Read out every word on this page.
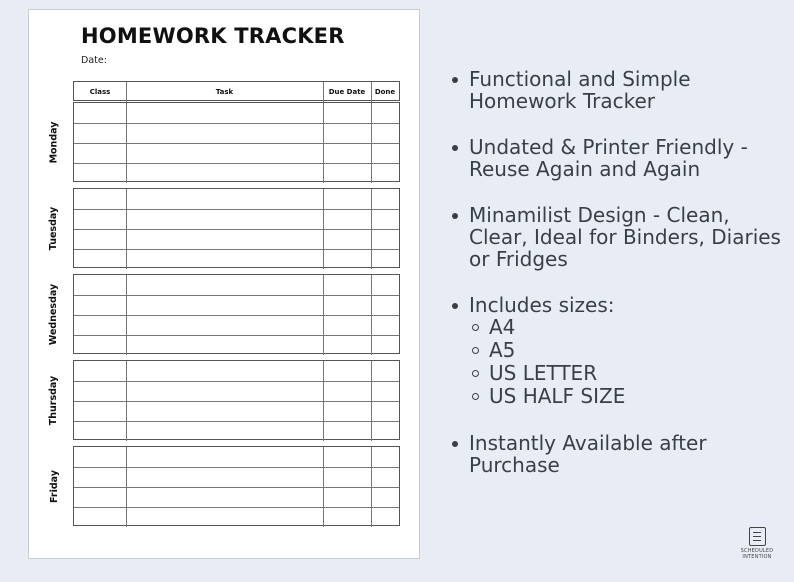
HOMEWORK TRACKER
Date:
Class	Task	Due Date	Done
Monday
Tuesday
Wednesday
Thursday
Friday
Functional and Simple Homework Tracker
Undated & Printer Friendly - Reuse Again and Again
Minamilist Design - Clean, Clear, Ideal for Binders, Diaries or Fridges
Includes sizes:
A4
A5
US LETTER
US HALF SIZE
Instantly Available after Purchase
SCHEDULED
INTENTION
